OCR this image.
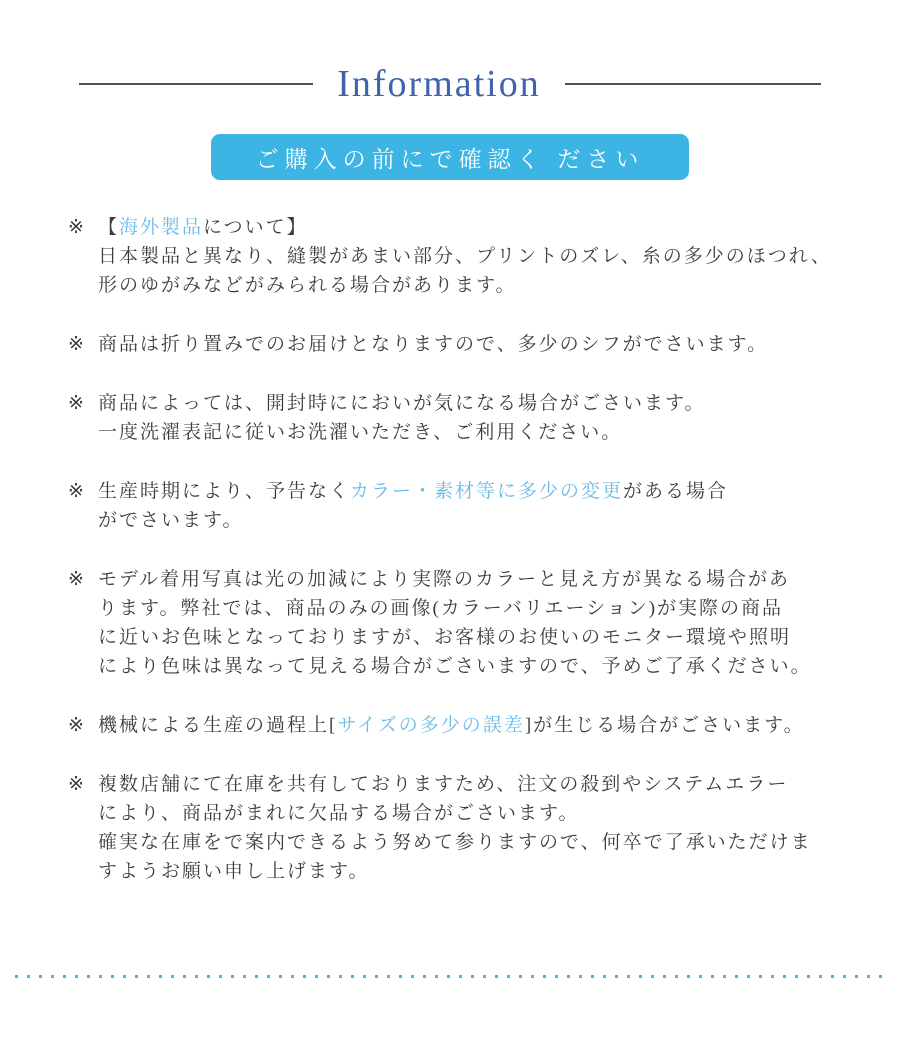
Information
ご購入の前にで確認く ださい
※ 【海外製品について】
日本製品と異なり、縫製があまい部分、プリントのズレ、糸の多少のほつれ、
形のゆがみなどがみられる場合があります。
※ 商品は折り置みでのお届けとなりますので、多少のシフがでさいます。
※ 商品によっては、開封時ににおいが気になる場合がごさいます。
一度洗濯表記に従いお洗濯いただき、ご利用ください。
※ 生産時期により、予告なくカラー・素材等に多少の変更がある場合
がでさいます。
※ モデル着用写真は光の加減により実際のカラーと見え方が異なる場合があ
ります。弊社では、商品のみの画像(カラーバリエーション)が実際の商品
に近いお色味となっておりますが、お客様のお使いのモニター環境や照明
により色味は異なって見える場合がごさいますので、予めご了承ください。
※ 機械による生産の過程上[サイズの多少の誤差]が生じる場合がごさいます。
※ 複数店舗にて在庫を共有しておりますため、注文の殺到やシステムエラー
により、商品がまれに欠品する場合がごさいます。
確実な在庫をで案内できるよう努めて参りますので、何卒で了承いただけま
すようお願い申し上げます。
